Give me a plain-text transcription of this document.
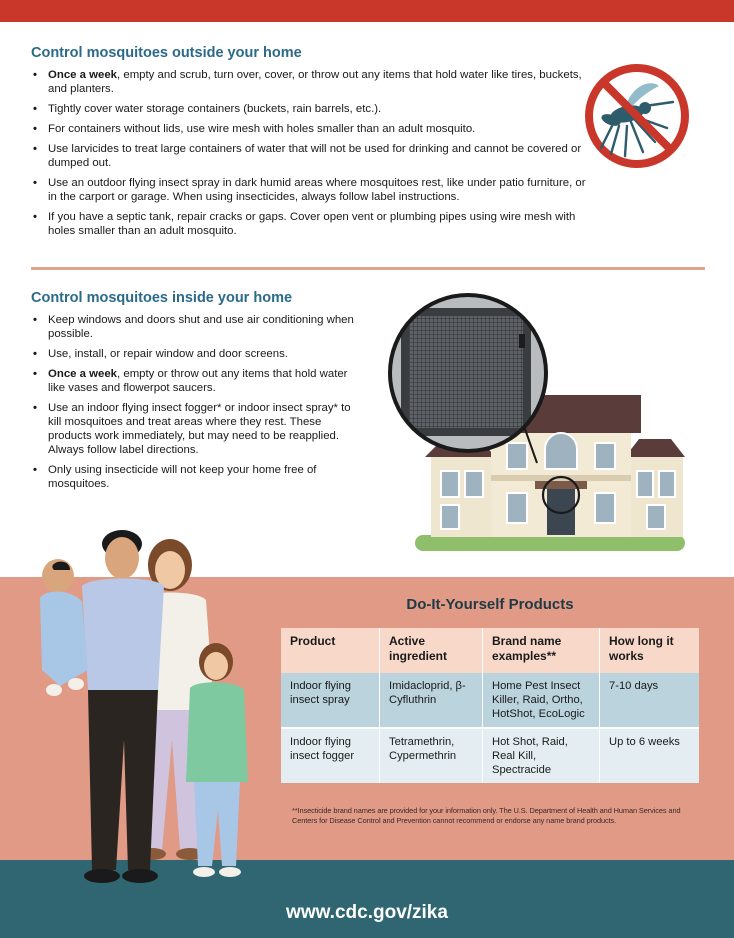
Control mosquitoes outside your home
• Once a week, empty and scrub, turn over, cover, or throw out any items that hold water like tires, buckets, and planters.
• Tightly cover water storage containers (buckets, rain barrels, etc.).
• For containers without lids, use wire mesh with holes smaller than an adult mosquito.
• Use larvicides to treat large containers of water that will not be used for drinking and cannot be covered or dumped out.
• Use an outdoor flying insect spray in dark humid areas where mosquitoes rest, like under patio furniture, or in the carport or garage. When using insecticides, always follow label instructions.
• If you have a septic tank, repair cracks or gaps. Cover open vent or plumbing pipes using wire mesh with holes smaller than an adult mosquito.
Control mosquitoes inside your home
• Keep windows and doors shut and use air conditioning when possible.
• Use, install, or repair window and door screens.
• Once a week, empty or throw out any items that hold water like vases and flowerpot saucers.
• Use an indoor flying insect fogger* or indoor insect spray* to kill mosquitoes and treat areas where they rest. These products work immediately, but may need to be reapplied. Always follow label directions.
• Only using insecticide will not keep your home free of mosquitoes.
Do-It-Yourself Products
Product	Active ingredient	Brand name examples**	How long it works
Indoor flying insect spray	Imidacloprid, β-Cyfluthrin	Home Pest Insect Killer, Raid, Ortho, HotShot, EcoLogic	7-10 days
Indoor flying insect fogger	Tetramethrin, Cypermethrin	Hot Shot, Raid, Real Kill, Spectracide	Up to 6 weeks
**Insecticide brand names are provided for your information only. The U.S. Department of Health and Human Services and Centers for Disease Control and Prevention cannot recommend or endorse any name brand products.
www.cdc.gov/zika
